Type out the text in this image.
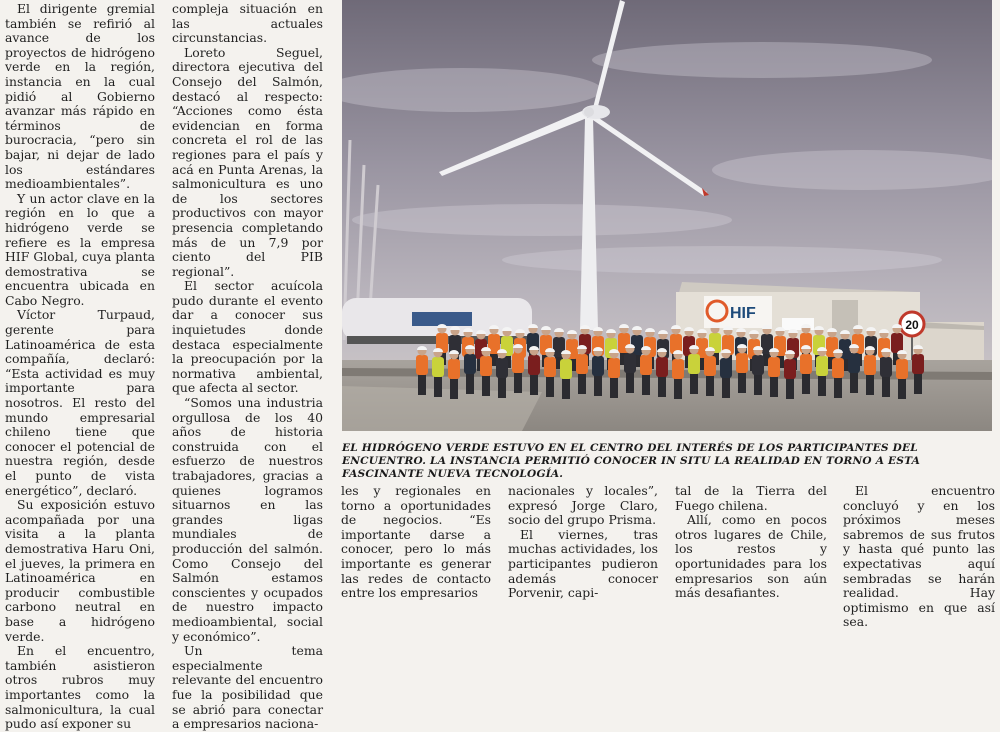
El dirigente gremial también se refirió al avance de los proyectos de hidrógeno verde en la región, instancia en la cual pidió al Gobierno avanzar más rápido en términos de burocracia, “pero sin bajar, ni dejar de lado los estándares medioambientales”.

Y un actor clave en la región en lo que a hidrógeno verde se refiere es la empresa HIF Global, cuya planta demostrativa se encuentra ubicada en Cabo Negro.

Víctor Turpaud, gerente para Latinoamérica de esta compañía, declaró: “Esta actividad es muy importante para nosotros. El resto del mundo empresarial chileno tiene que conocer el potencial de nuestra región, desde el punto de vista energético”, declaró.

Su exposición estuvo acompañada por una visita a la planta demostrativa Haru Oni, el jueves, la primera en Latinoamérica en producir combustible carbono neutral en base a hidrógeno verde.

En el encuentro, también asistieron otros rubros muy importantes como la salmonicultura, la cual pudo así exponer su

compleja situación en las actuales circunstancias.

Loreto Seguel, directora ejecutiva del Consejo del Salmón, destacó al respecto: “Acciones como ésta evidencian en forma concreta el rol de las regiones para el país y acá en Punta Arenas, la salmonicultura es uno de los sectores productivos con mayor presencia completando más de un 7,9 por ciento del PIB regional”.

El sector acuícola pudo durante el evento dar a conocer sus inquietudes donde destaca especialmente la preocupación por la normativa ambiental, que afecta al sector.

“Somos una industria orgullosa de los 40 años de historia construida con el esfuerzo de nuestros trabajadores, gracias a quienes logramos situarnos en las grandes ligas mundiales de producción del salmón. Como Consejo del Salmón estamos conscientes y ocupados de nuestro impacto medioambiental, social y económico”.

Un tema especialmente relevante del encuentro fue la posibilidad que se abrió para conectar a empresarios naciona-

HIF
20
EL HIDRÓGENO VERDE ESTUVO EN EL CENTRO DEL INTERÉS DE LOS PARTICIPANTES DEL ENCUENTRO. LA INSTANCIA PERMITIÓ CONOCER IN SITU LA REALIDAD EN TORNO A ESTA FASCINANTE NUEVA TECNOLOGÍA.

les y regionales en torno a oportunidades de negocios. “Es importante darse a conocer, pero lo más importante es generar las redes de contacto entre los empresarios

nacionales y locales”, expresó Jorge Claro, socio del grupo Prisma.

El viernes, tras muchas actividades, los participantes pudieron además conocer Porvenir, capi-

tal de la Tierra del Fuego chilena.

Allí, como en pocos otros lugares de Chile, los restos y oportunidades para los empresarios son aún más desafiantes.

El encuentro concluyó y en los próximos meses sabremos de sus frutos y hasta qué punto las expectativas aquí sembradas se harán realidad. Hay optimismo en que así sea.
